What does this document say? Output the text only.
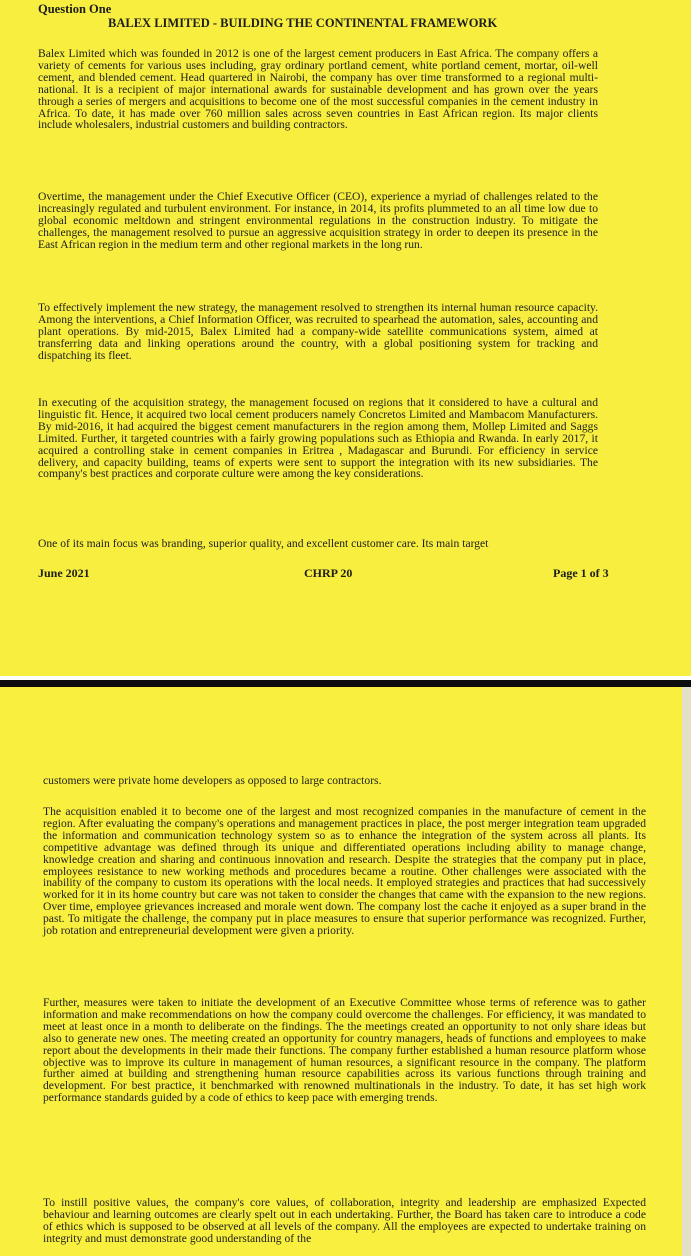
Question One
BALEX LIMITED - BUILDING THE CONTINENTAL FRAMEWORK
Balex Limited which was founded in 2012 is one of the largest cement producers in East Africa. The company offers a variety of cements for various uses including, gray ordinary portland cement, white portland cement, mortar, oil-well cement, and blended cement. Head quartered in Nairobi, the company has over time transformed to a regional multi-national. It is a recipient of major international awards for sustainable development and has grown over the years through a series of mergers and acquisitions to become one of the most successful companies in the cement industry in Africa. To date, it has made over 760 million sales across seven countries in East African region. Its major clients include wholesalers, industrial customers and building contractors.
Overtime, the management under the Chief Executive Officer (CEO), experience a myriad of challenges related to the increasingly regulated and turbulent environment. For instance, in 2014, its profits plummeted to an all time low due to global economic meltdown and stringent environmental regulations in the construction industry. To mitigate the challenges, the management resolved to pursue an aggressive acquisition strategy in order to deepen its presence in the East African region in the medium term and other regional markets in the long run.
To effectively implement the new strategy, the management resolved to strengthen its internal human resource capacity. Among the interventions, a Chief Information Officer, was recruited to spearhead the automation, sales, accounting and plant operations. By mid-2015, Balex Limited had a company-wide satellite communications system, aimed at transferring data and linking operations around the country, with a global positioning system for tracking and dispatching its fleet.
In executing of the acquisition strategy, the management focused on regions that it considered to have a cultural and linguistic fit. Hence, it acquired two local cement producers namely Concretos Limited and Mambacom Manufacturers. By mid-2016, it had acquired the biggest cement manufacturers in the region among them, Mollep Limited and Saggs Limited. Further, it targeted countries with a fairly growing populations such as Ethiopia and Rwanda. In early 2017, it acquired a controlling stake in cement companies in Eritrea , Madagascar and Burundi. For efficiency in service delivery, and capacity building, teams of experts were sent to support the integration with its new subsidiaries. The company's best practices and corporate culture were among the key considerations.
One of its main focus was branding, superior quality, and excellent customer care. Its main target
June 2021	CHRP 20	Page 1 of 3
customers were private home developers as opposed to large contractors.
The acquisition enabled it to become one of the largest and most recognized companies in the manufacture of cement in the region. After evaluating the company's operations and management practices in place, the post merger integration team upgraded the information and communication technology system so as to enhance the integration of the system across all plants. Its competitive advantage was defined through its unique and differentiated operations including ability to manage change, knowledge creation and sharing and continuous innovation and research. Despite the strategies that the company put in place, employees resistance to new working methods and procedures became a routine. Other challenges were associated with the inability of the company to custom its operations with the local needs. It employed strategies and practices that had successively worked for it in its home country but care was not taken to consider the changes that came with the expansion to the new regions. Over time, employee grievances increased and morale went down. The company lost the cache it enjoyed as a super brand in the past. To mitigate the challenge, the company put in place measures to ensure that superior performance was recognized. Further, job rotation and entrepreneurial development were given a priority.
Further, measures were taken to initiate the development of an Executive Committee whose terms of reference was to gather information and make recommendations on how the company could overcome the challenges. For efficiency, it was mandated to meet at least once in a month to deliberate on the findings. The the meetings created an opportunity to not only share ideas but also to generate new ones. The meeting created an opportunity for country managers, heads of functions and employees to make report about the developments in their made their functions. The company further established a human resource platform whose objective was to improve its culture in management of human resources, a significant resource in the company. The platform further aimed at building and strengthening human resource capabilities across its various functions through training and development. For best practice, it benchmarked with renowned multinationals in the industry. To date, it has set high work performance standards guided by a code of ethics to keep pace with emerging trends.
To instill positive values, the company's core values, of collaboration, integrity and leadership are emphasized Expected behaviour and learning outcomes are clearly spelt out in each undertaking. Further, the Board has taken care to introduce a code of ethics which is supposed to be observed at all levels of the company. All the employees are expected to undertake training on integrity and must demonstrate good understanding of the
